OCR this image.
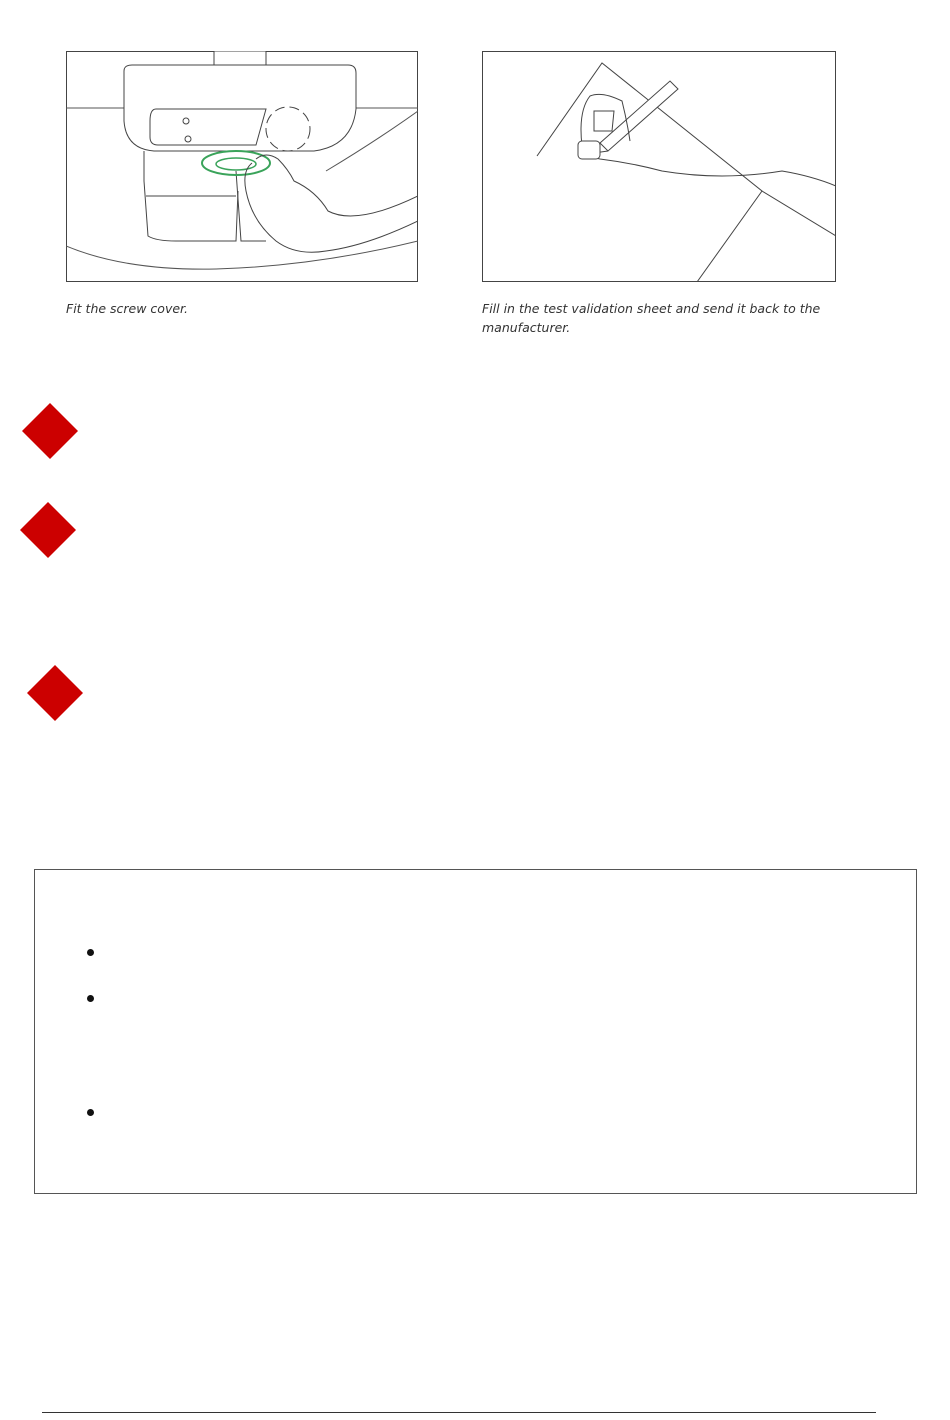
Fit the screw cover.	Fill in the test validation sheet and send it back to the manufacturer.
